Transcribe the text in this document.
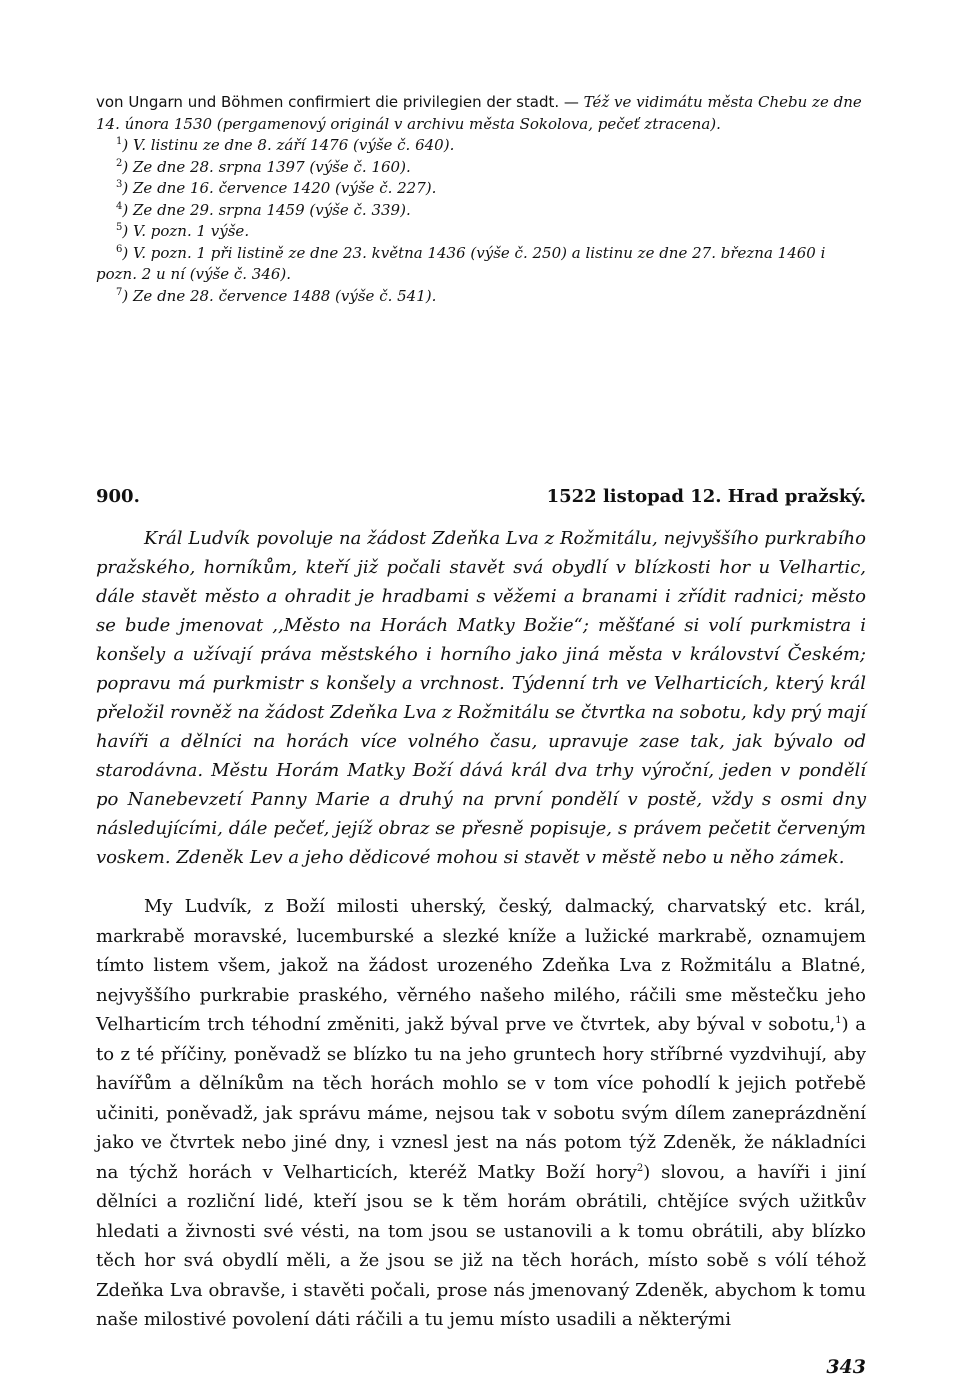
von Ungarn und Böhmen confirmiert die privilegien der stadt. — Též ve vidimátu města Chebu ze dne 14. února 1530 (pergamenový originál v archivu města Sokolova, pečeť ztracena).

$^1$) V. listinu ze dne 8. září 1476 (výše č. 640).

$^2$) Ze dne 28. srpna 1397 (výše č. 160).

$^3$) Ze dne 16. července 1420 (výše č. 227).

$^4$) Ze dne 29. srpna 1459 (výše č. 339).

$^5$) V. pozn. 1 výše.

$^6$) V. pozn. 1 při listině ze dne 23. května 1436 (výše č. 250) a listinu ze dne 27. března 1460 i pozn. 2 u ní (výše č. 346).

$^7$) Ze dne 28. července 1488 (výše č. 541).

900.	1522 listopad 12. Hrad pražský.

Král Ludvík povoluje na žádost Zdeňka Lva z Rožmitálu, nejvyššího purkrabího pražského, horníkům, kteří již počali stavět svá obydlí v blízkosti hor u Velhartic, dále stavět město a ohradit je hradbami s věžemi a branami i zřídit radnici; město se bude jmenovat ,,Město na Horách Matky Božie“; měšťané si volí purkmistra i konšely a užívají práva městského i horního jako jiná města v království Českém; popravu má purkmistr s konšely a vrchnost. Týdenní trh ve Velharticích, který král přeložil rovněž na žádost Zdeňka Lva z Rožmitálu se čtvrtka na sobotu, kdy prý mají havíři a dělníci na horách více volného času, upravuje zase tak, jak bývalo od starodávna. Městu Horám Matky Boží dává král dva trhy výroční, jeden v pondělí po Nanebevzetí Panny Marie a druhý na první pondělí v postě, vždy s osmi dny následujícími, dále pečeť, jejíž obraz se přesně popisuje, s právem pečetit červeným voskem. Zdeněk Lev a jeho dědicové mohou si stavět v městě nebo u něho zámek.

My Ludvík, z Boží milosti uherský, český, dalmacký, charvatský etc. král, markrabě moravské, lucemburské a slezké kníže a lužické markrabě, oznamujem tímto listem všem, jakož na žádost urozeného Zdeňka Lva z Rožmitálu a Blatné, nejvyššího purkrabie praského, věrného našeho milého, ráčili sme městečku jeho Velharticím trch téhodní změniti, jakž býval prve ve čtvrtek, aby býval v sobotu,$^1$) a to z té příčiny, poněvadž se blízko tu na jeho gruntech hory stříbrné vyzdvihují, aby havířům a dělníkům na těch horách mohlo se v tom více pohodlí k jejich potřebě učiniti, poněvadž, jak správu máme, nejsou tak v sobotu svým dílem zaneprázdnění jako ve čtvrtek nebo jiné dny, i vznesl jest na nás potom týž Zdeněk, že nákladníci na týchž horách v Velharticích, kteréž Matky Boží hory$^2$) slovou, a havíři i jiní dělníci a rozliční lidé, kteří jsou se k těm horám obrátili, chtějíce svých užitkův hledati a živnosti své vésti, na tom jsou se ustanovili a k tomu obrátili, aby blízko těch hor svá obydlí měli, a že jsou se již na těch horách, místo sobě s vólí téhož Zdeňka Lva obravše, i stavěti počali, prose nás jmenovaný Zdeněk, abychom k tomu naše milostivé povolení dáti ráčili a tu jemu místo usadili a některými

343
